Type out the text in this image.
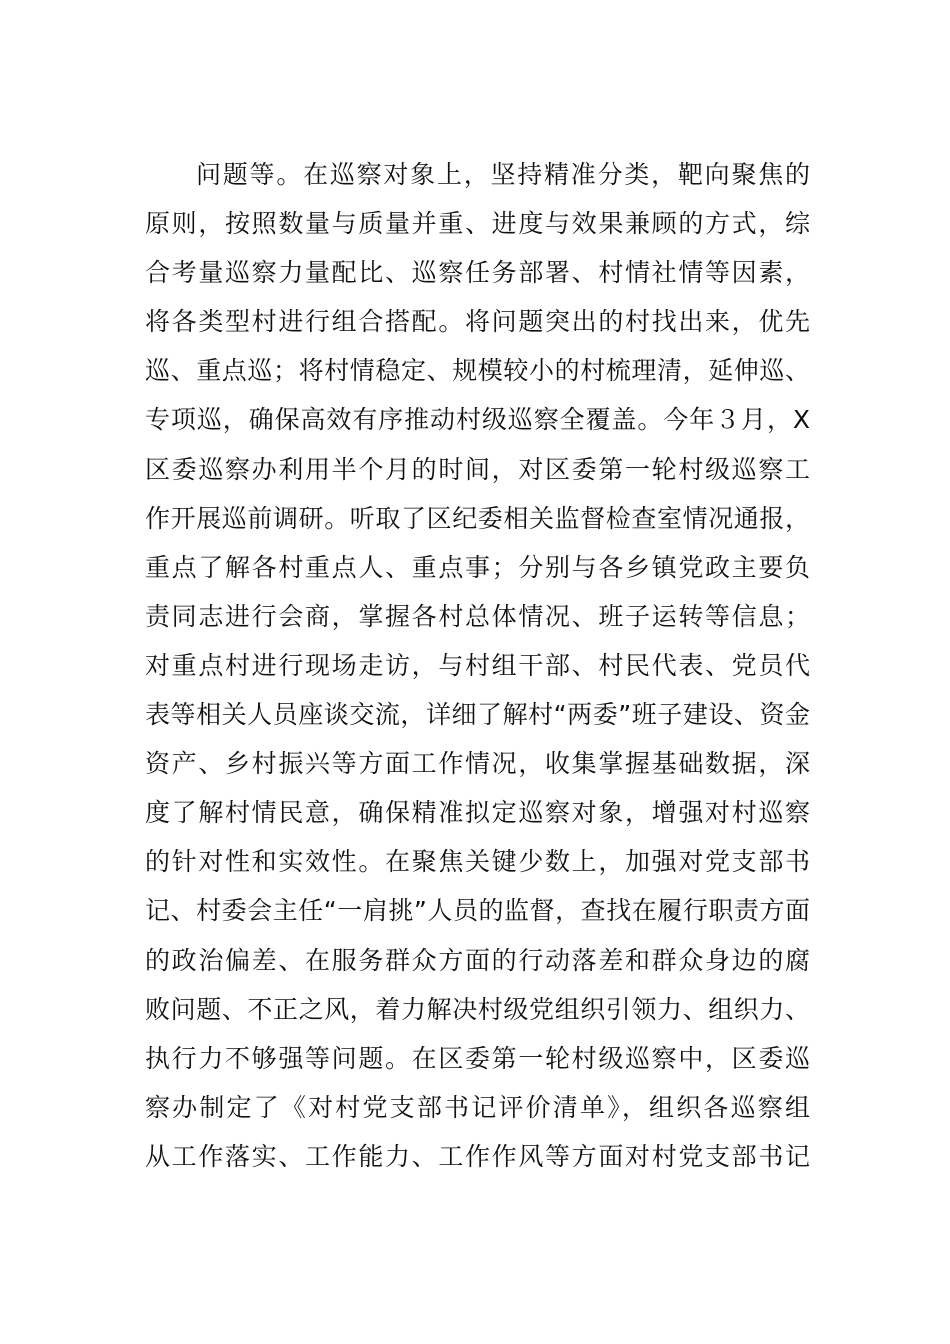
问题等。在巡察对象上，坚持精准分类，靶向聚焦的
原则，按照数量与质量并重、进度与效果兼顾的方式，综
合考量巡察力量配比、巡察任务部署、村情社情等因素，
将各类型村进行组合搭配。将问题突出的村找出来，优先
巡、重点巡；将村情稳定、规模较小的村梳理清，延伸巡、
专项巡，确保高效有序推动村级巡察全覆盖。今年３月，X
区委巡察办利用半个月的时间，对区委第一轮村级巡察工
作开展巡前调研。听取了区纪委相关监督检查室情况通报，
重点了解各村重点人、重点事；分别与各乡镇党政主要负
责同志进行会商，掌握各村总体情况、班子运转等信息；
对重点村进行现场走访，与村组干部、村民代表、党员代
表等相关人员座谈交流，详细了解村“两委”班子建设、资金
资产、乡村振兴等方面工作情况，收集掌握基础数据，深
度了解村情民意，确保精准拟定巡察对象，增强对村巡察
的针对性和实效性。在聚焦关键少数上，加强对党支部书
记、村委会主任“一肩挑”人员的监督，查找在履行职责方面
的政治偏差、在服务群众方面的行动落差和群众身边的腐
败问题、不正之风，着力解决村级党组织引领力、组织力、
执行力不够强等问题。在区委第一轮村级巡察中，区委巡
察办制定了《对村党支部书记评价清单》，组织各巡察组
从工作落实、工作能力、工作作风等方面对村党支部书记
